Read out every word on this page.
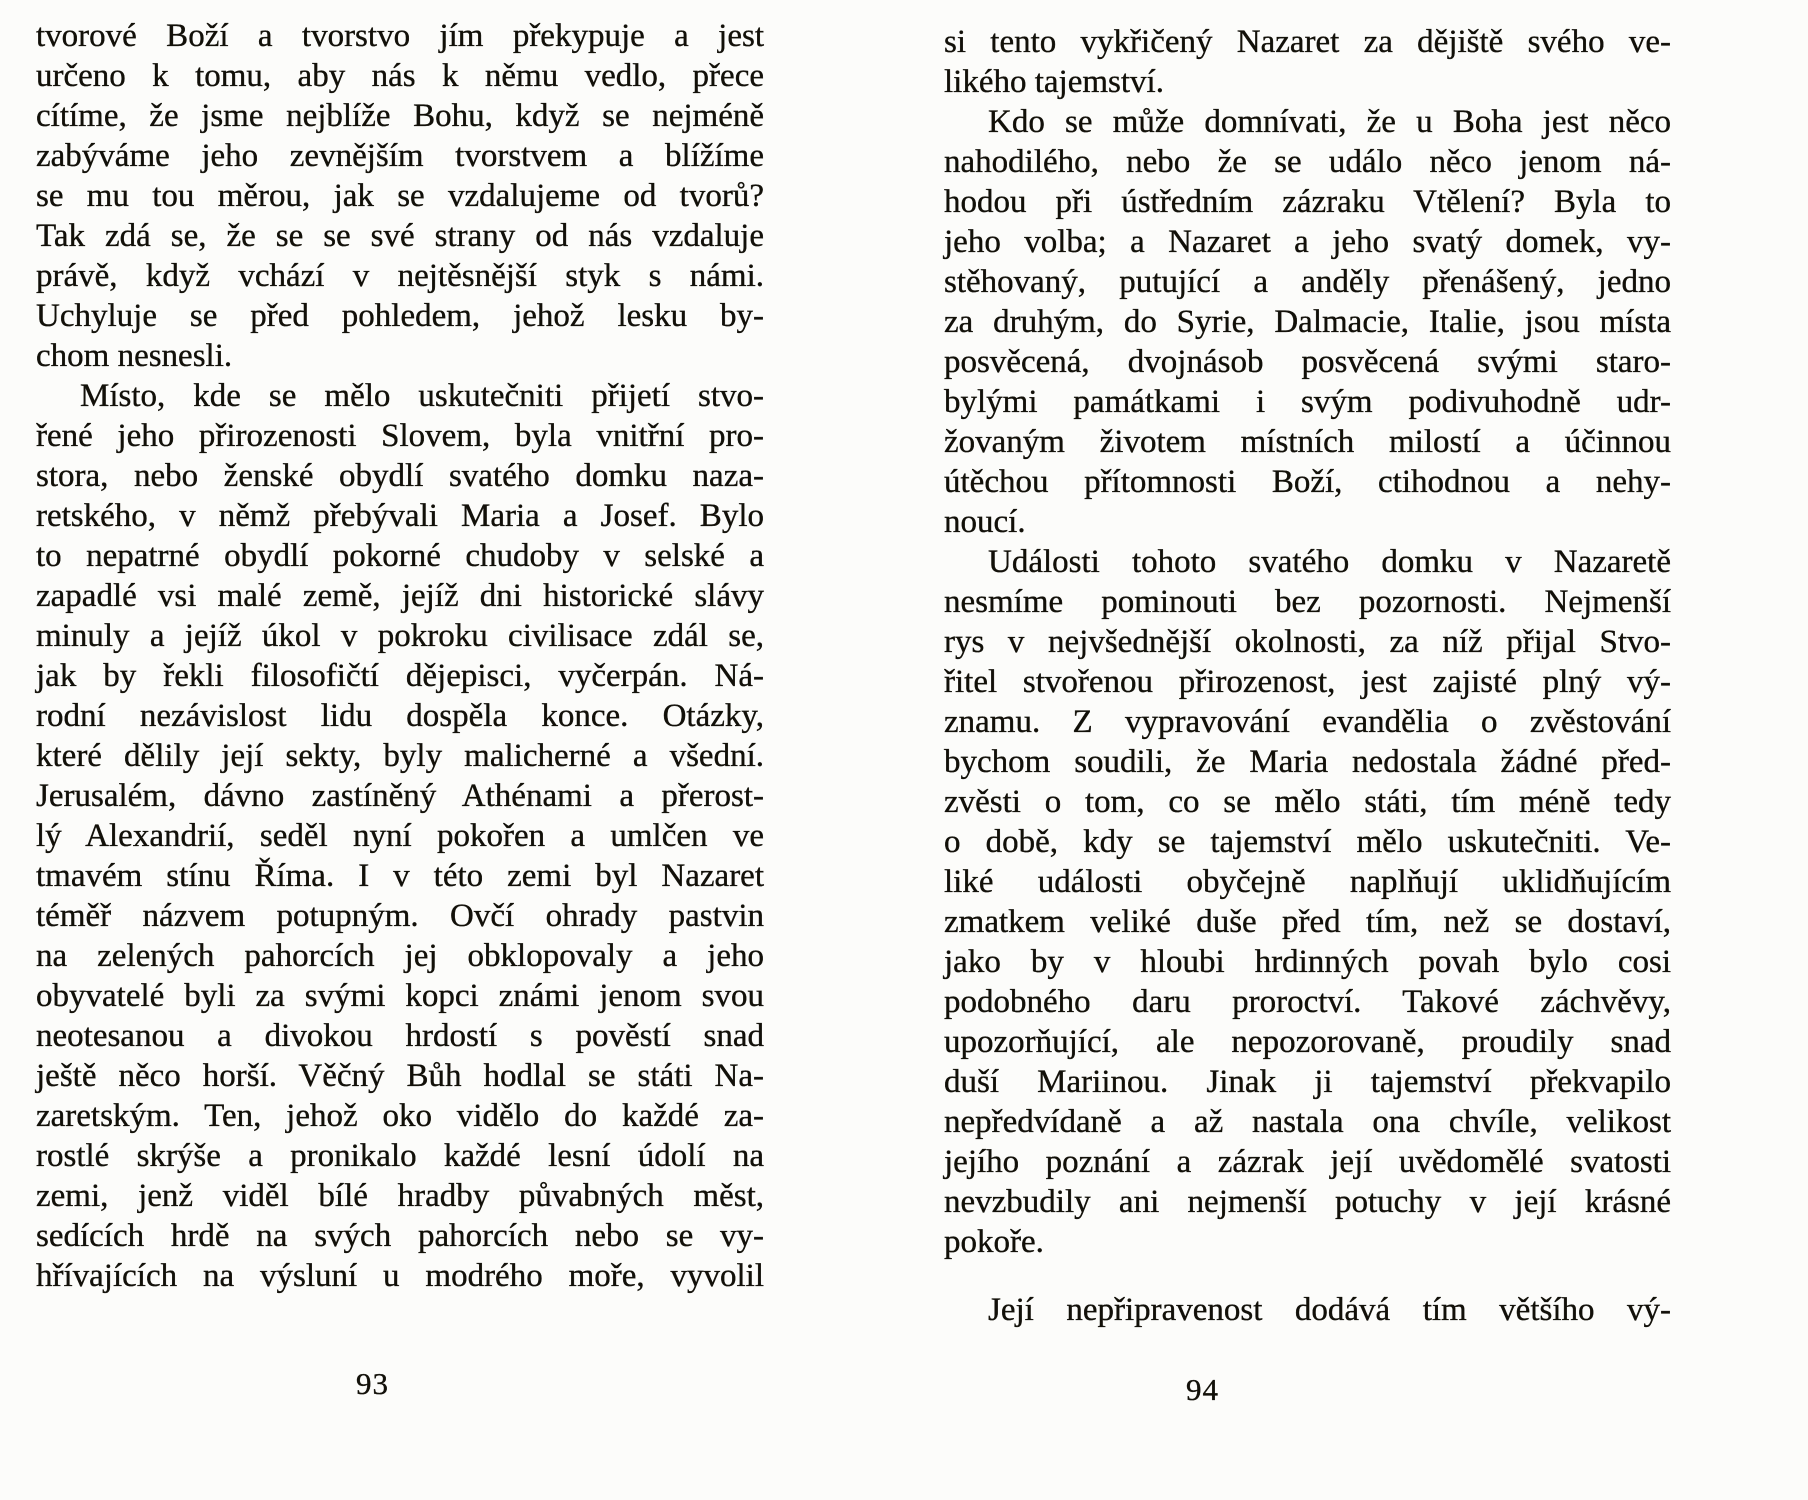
tvorové Boží a tvorstvo jím překypuje a jest
určeno k tomu, aby nás k němu vedlo, přece
cítíme, že jsme nejblíže Bohu, když se nejméně
zabýváme jeho zevnějším tvorstvem a blížíme
se mu tou měrou, jak se vzdalujeme od tvorů?
Tak zdá se, že se se své strany od nás vzdaluje
právě, když vchází v nejtěsnější styk s námi.
Uchyluje se před pohledem, jehož lesku by-
chom nesnesli.
Místo, kde se mělo uskutečniti přijetí stvo-
řené jeho přirozenosti Slovem, byla vnitřní pro-
stora, nebo ženské obydlí svatého domku naza-
retského, v němž přebývali Maria a Josef. Bylo
to nepatrné obydlí pokorné chudoby v selské a
zapadlé vsi malé země, jejíž dni historické slávy
minuly a jejíž úkol v pokroku civilisace zdál se,
jak by řekli filosofičtí dějepisci, vyčerpán. Ná-
rodní nezávislost lidu dospěla konce. Otázky,
které dělily její sekty, byly malicherné a všední.
Jerusalém, dávno zastíněný Athénami a přerost-
lý Alexandrií, seděl nyní pokořen a umlčen ve
tmavém stínu Říma. I v této zemi byl Nazaret
téměř názvem potupným. Ovčí ohrady pastvin
na zelených pahorcích jej obklopovaly a jeho
obyvatelé byli za svými kopci známi jenom svou
neotesanou a divokou hrdostí s pověstí snad
ještě něco horší. Věčný Bůh hodlal se státi Na-
zaretským. Ten, jehož oko vidělo do každé za-
rostlé skrýše a pronikalo každé lesní údolí na
zemi, jenž viděl bílé hradby půvabných měst,
sedících hrdě na svých pahorcích nebo se vy-
hřívajících na výsluní u modrého moře, vyvolil
si tento vykřičený Nazaret za dějiště svého ve-
likého tajemství.
Kdo se může domnívati, že u Boha jest něco
nahodilého, nebo že se událo něco jenom ná-
hodou při ústředním zázraku Vtělení? Byla to
jeho volba; a Nazaret a jeho svatý domek, vy-
stěhovaný, putující a anděly přenášený, jedno
za druhým, do Syrie, Dalmacie, Italie, jsou místa
posvěcená, dvojnásob posvěcená svými staro-
bylými památkami i svým podivuhodně udr-
žovaným životem místních milostí a účinnou
útěchou přítomnosti Boží, ctihodnou a nehy-
noucí.
Události tohoto svatého domku v Nazaretě
nesmíme pominouti bez pozornosti. Nejmenší
rys v nejvšednější okolnosti, za níž přijal Stvo-
řitel stvořenou přirozenost, jest zajisté plný vý-
znamu. Z vypravování evandělia o zvěstování
bychom soudili, že Maria nedostala žádné před-
zvěsti o tom, co se mělo státi, tím méně tedy
o době, kdy se tajemství mělo uskutečniti. Ve-
liké události obyčejně naplňují uklidňujícím
zmatkem veliké duše před tím, než se dostaví,
jako by v hloubi hrdinných povah bylo cosi
podobného daru proroctví. Takové záchvěvy,
upozorňující, ale nepozorovaně, proudily snad
duší Mariinou. Jinak ji tajemství překvapilo
nepředvídaně a až nastala ona chvíle, velikost
jejího poznání a zázrak její uvědomělé svatosti
nevzbudily ani nejmenší potuchy v její krásné
pokoře.
Její nepřipravenost dodává tím většího vý-
93	94
